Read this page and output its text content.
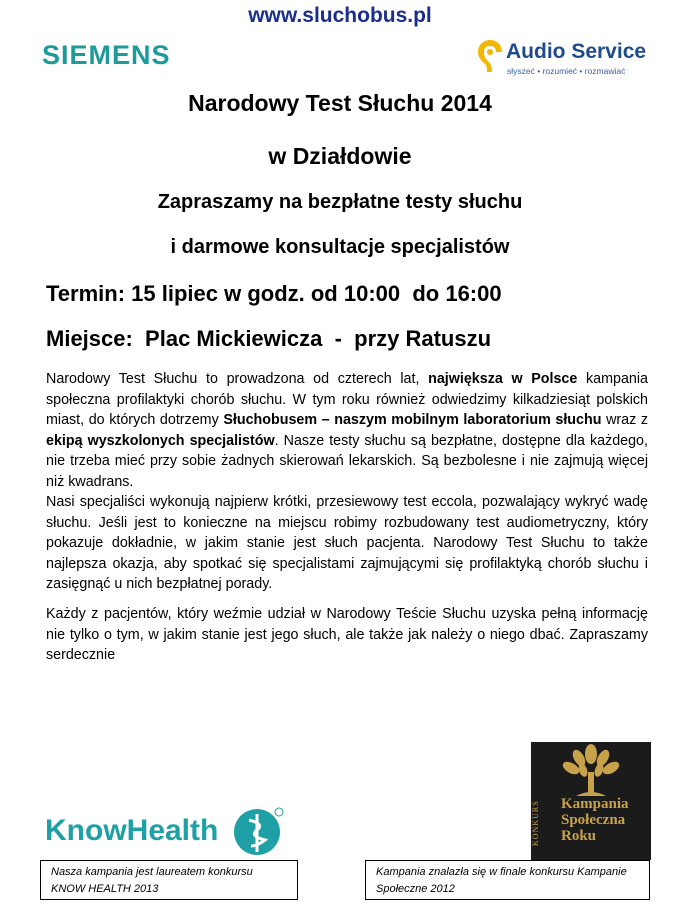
www.sluchobus.pl
SIEMENS	Audio Service
słyszeć • rozumieć • rozmawiać
Narodowy Test Słuchu 2014
w Działdowie
Zapraszamy na bezpłatne testy słuchu
i darmowe konsultacje specjalistów
Termin: 15 lipiec w godz. od 10:00  do 16:00
Miejsce:  Plac Mickiewicza  -  przy Ratuszu
Narodowy Test Słuchu to prowadzona od czterech lat, największa w Polsce kampania społeczna profilaktyki chorób słuchu. W tym roku również odwiedzimy kilkadziesiąt polskich miast, do których dotrzemy Słuchobusem – naszym mobilnym laboratorium słuchu wraz z ekipą wyszkolonych specjalistów. Nasze testy słuchu są bezpłatne, dostępne dla każdego, nie trzeba mieć przy sobie żadnych skierowań lekarskich. Są bezbolesne i nie zajmują więcej niż kwadrans.
Nasi specjaliści wykonują najpierw krótki, przesiewowy test eccola, pozwalający wykryć wadę słuchu. Jeśli jest to konieczne na miejscu robimy rozbudowany test audiometryczny, który pokazuje dokładnie, w jakim stanie jest słuch pacjenta. Narodowy Test Słuchu to także najlepsza okazja, aby spotkać się specjalistami zajmującymi się profilaktyką chorób słuchu i zasięgnąć u nich bezpłatnej porady.
Każdy z pacjentów, który weźmie udział w Narodowy Teście Słuchu uzyska pełną informację nie tylko o tym, w jakim stanie jest jego słuch, ale także jak należy o niego dbać. Zapraszamy serdecznie
KONKURS Kampania
Społeczna
Roku
KnowHealth
Nasza kampania jest laureatem konkursu KNOW HEALTH 2013
Kampania znalazła się w finale konkursu Kampanie Społeczne 2012
